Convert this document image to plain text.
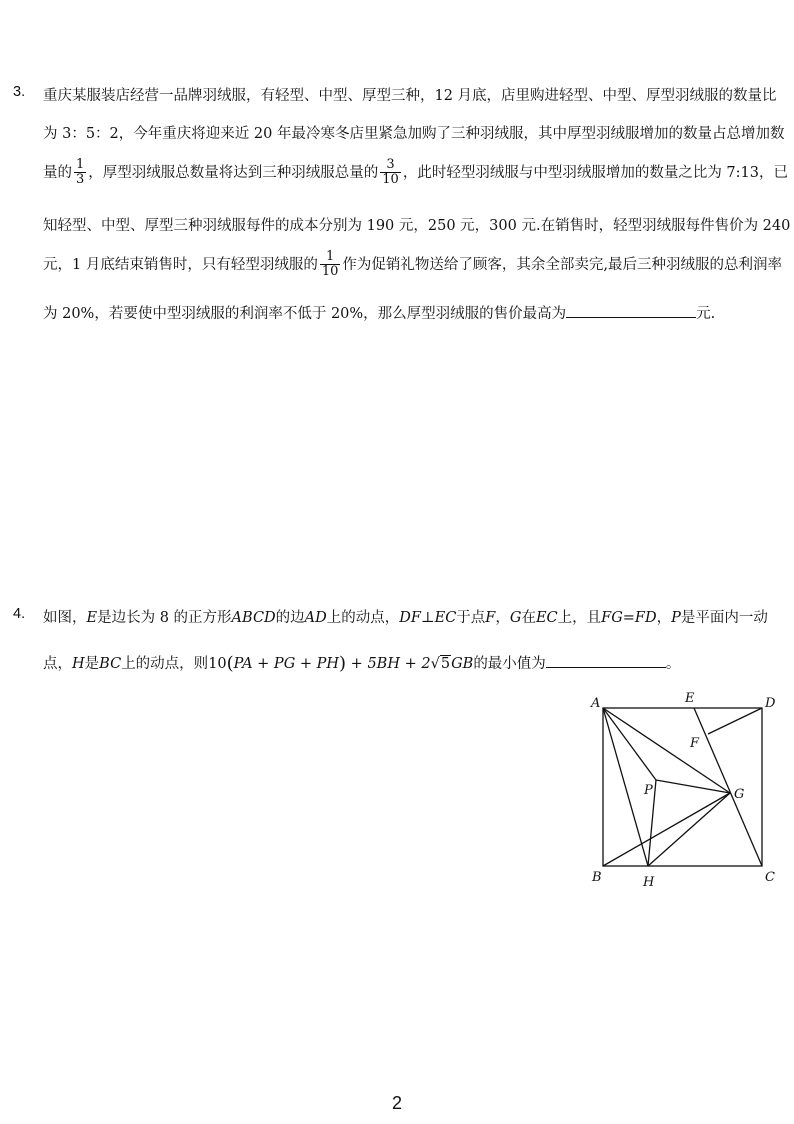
3.	重庆某服装店经营一品牌羽绒服，有轻型、中型、厚型三种，12 月底，店里购进轻型、中型、厚型羽绒服的数量比
为 3：5：2，今年重庆将迎来近 20 年最冷寒冬店里紧急加购了三种羽绒服，其中厚型羽绒服增加的数量占总增加数
量的 $\frac{1}{3}$ ，厚型羽绒服总数量将达到三种羽绒服总量的 $\frac{3}{10}$ ，此时轻型羽绒服与中型羽绒服增加的数量之比为 7:13，已
知轻型、中型、厚型三种羽绒服每件的成本分别为 190 元，250 元，300 元.在销售时，轻型羽绒服每件售价为 240
元，1 月底结束销售时，只有轻型羽绒服的 $\frac{1}{10}$ 作为促销礼物送给了顾客，其余全部卖完,最后三种羽绒服的总利润率
为 20%，若要使中型羽绒服的利润率不低于 20%，那么厚型羽绒服的售价最高为	元.
4.	如图，E是边长为 8 的正方形ABCD的边AD上的动点，DF⊥EC于点F，G在EC上，且FG=FD，P是平面内一动
点，H是BC上的动点，则10(PA + PG + PH) + 5BH + 2√5GB的最小值为	。
A	E	D
F
P	G
B	H	C
2
